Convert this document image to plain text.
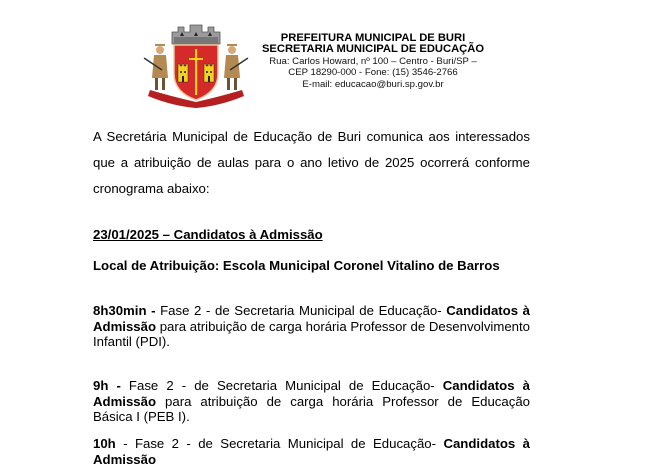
PREFEITURA MUNICIPAL DE BURI
SECRETARIA MUNICIPAL DE EDUCAÇÃO
Rua: Carlos Howard, nº 100 – Centro - Buri/SP –
CEP 18290-000 - Fone: (15) 3546-2766
E-mail: educacao@buri.sp.gov.br
A Secretária Municipal de Educação de Buri comunica aos interessados que a atribuição de aulas para o ano letivo de 2025 ocorrerá conforme cronograma abaixo:
23/01/2025 – Candidatos à Admissão
Local de Atribuição: Escola Municipal Coronel Vitalino de Barros
8h30min - Fase 2 - de Secretaria Municipal de Educação- Candidatos à Admissão para atribuição de carga horária Professor de Desenvolvimento Infantil (PDI).
9h - Fase 2 - de Secretaria Municipal de Educação- Candidatos à Admissão para atribuição de carga horária Professor de Educação Básica I (PEB I).
10h - Fase 2 - de Secretaria Municipal de Educação- Candidatos à Admissão
